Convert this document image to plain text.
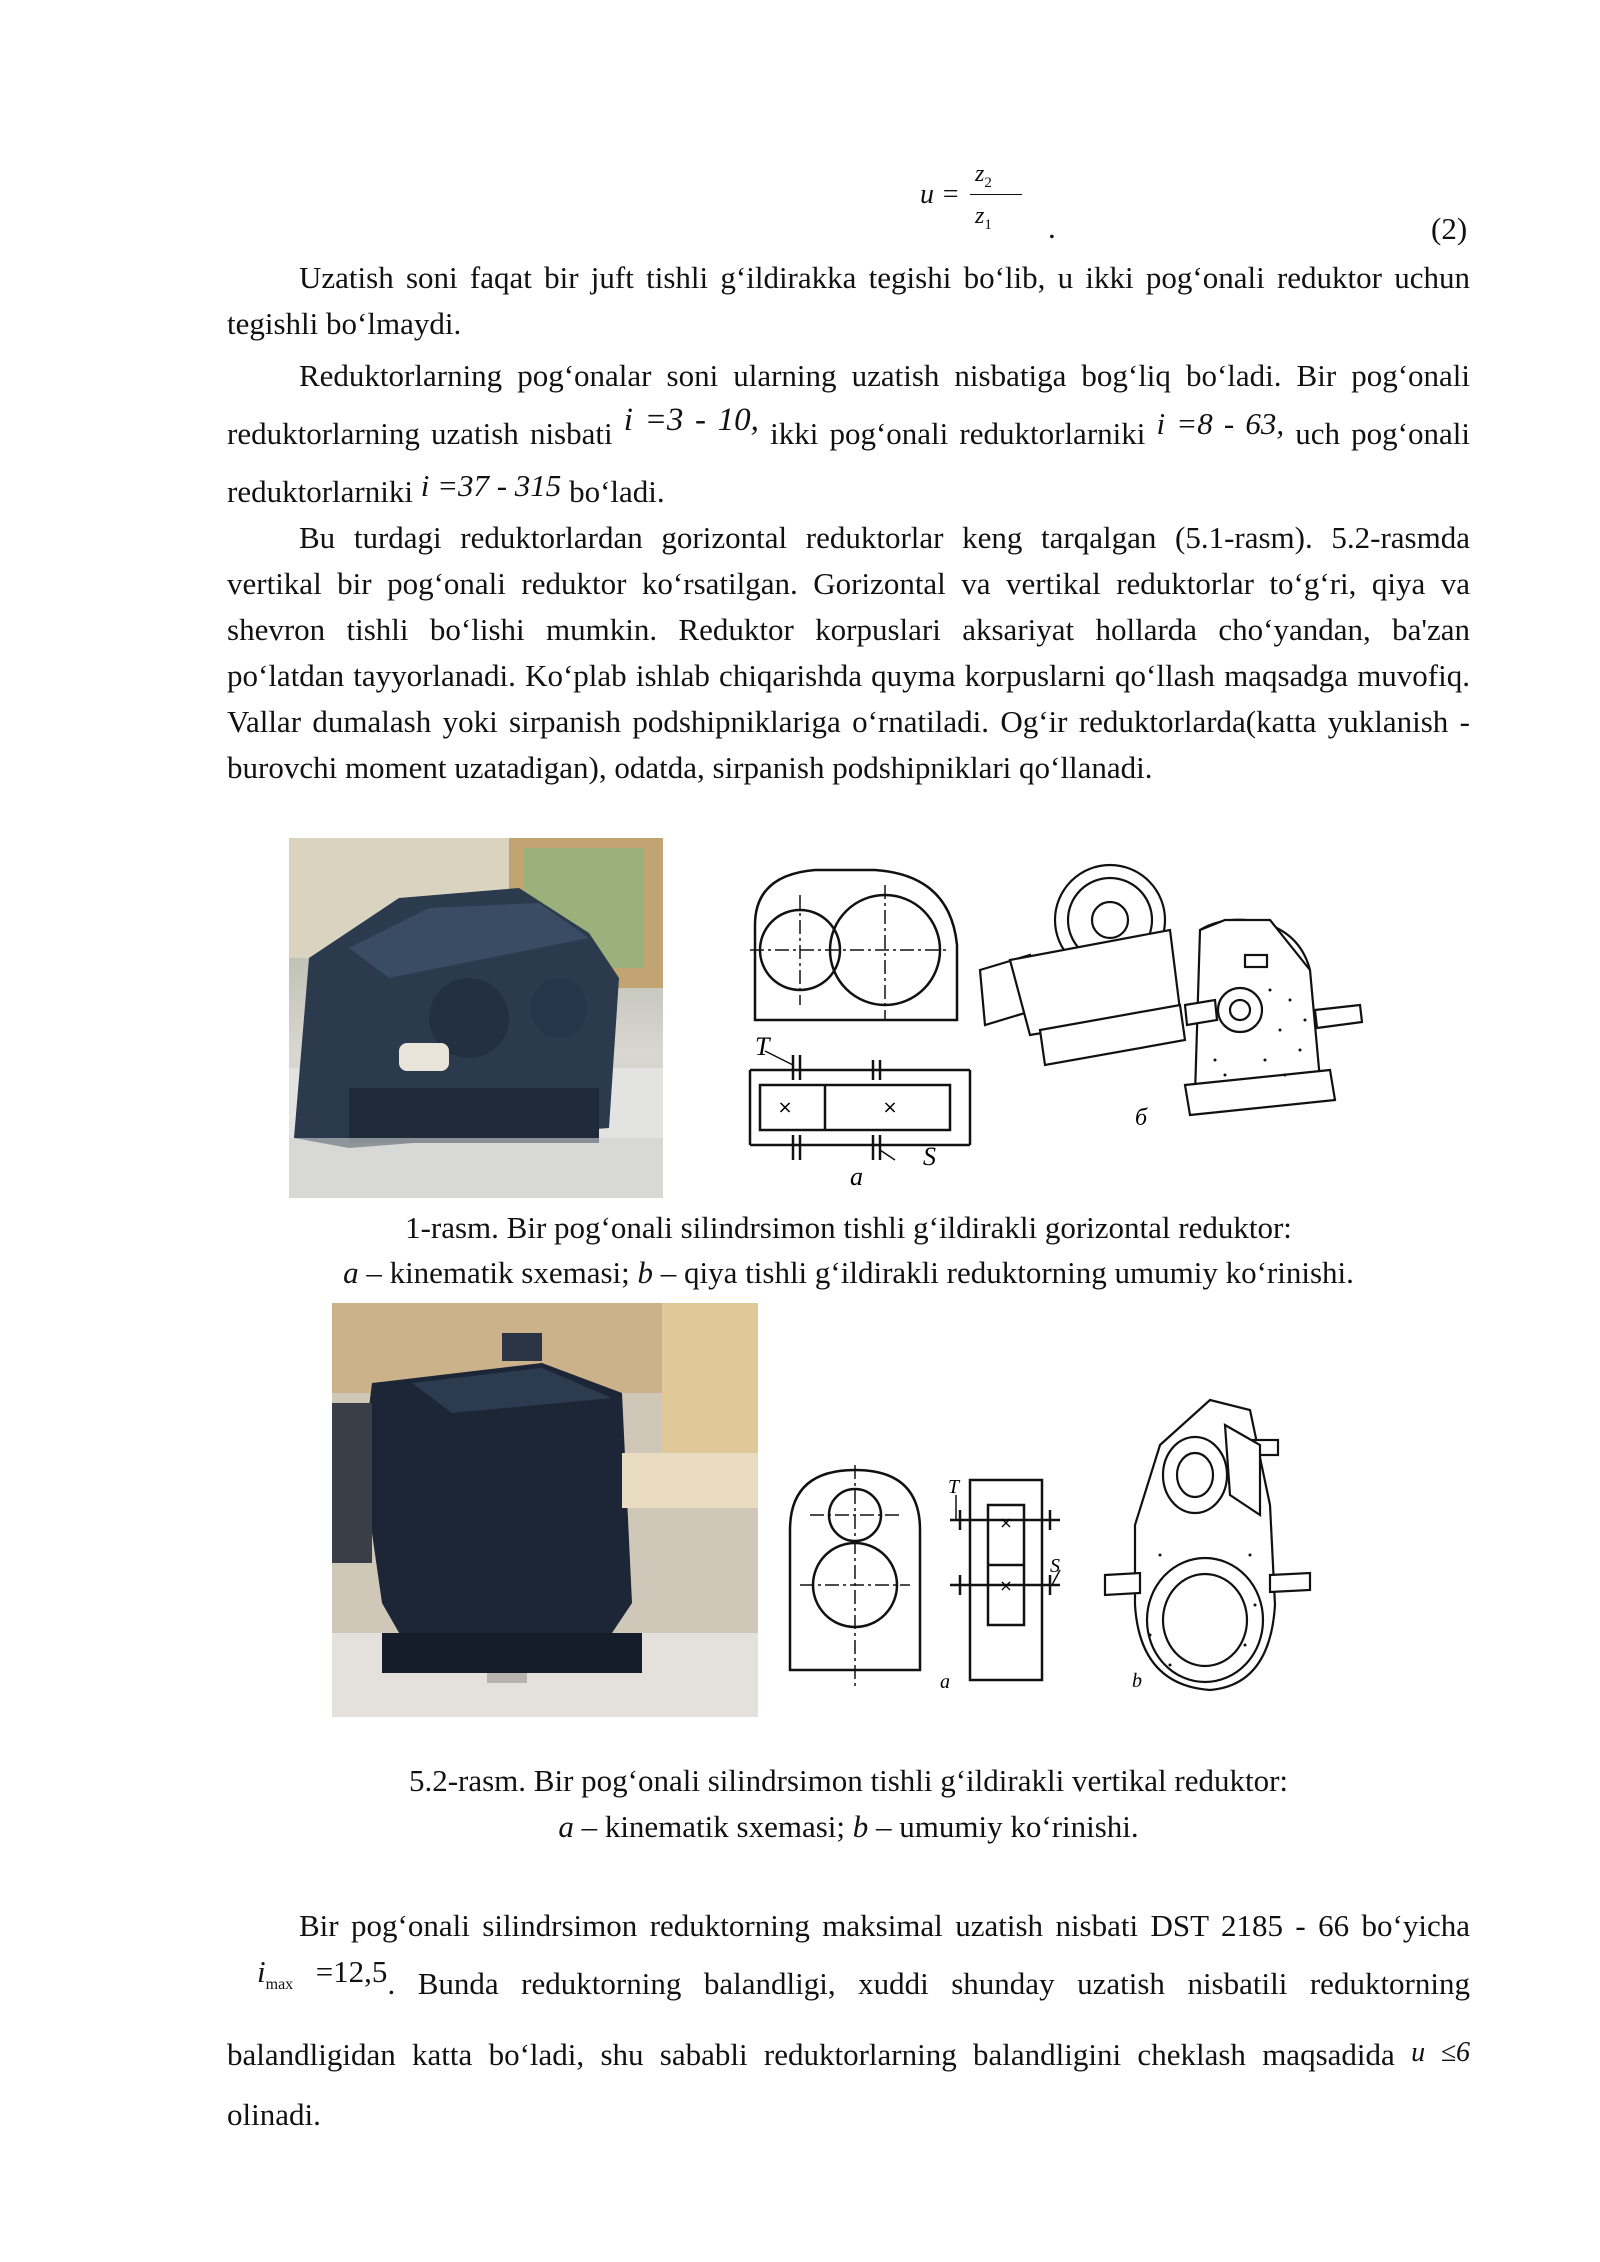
u =
$z_2$
$z_1$ .	(2)

Uzatish soni faqat bir juft tishli g‘ildirakka tegishi bo‘lib, u ikki pog‘onali reduktor uchun tegishli bo‘lmaydi.

Reduktorlarning pog‘onalar soni ularning uzatish nisbatiga bog‘liq bo‘ladi. Bir pog‘onali reduktorlarning uzatish nisbati i =3 - 10, ikki pog‘onali reduktorlarniki i =8 - 63, uch pog‘onali reduktorlarniki i =37 - 315 bo‘ladi.

Bu turdagi reduktorlardan gorizontal reduktorlar keng tarqalgan (5.1-rasm). 5.2-rasmda vertikal bir pog‘onali reduktor ko‘rsatilgan. Gorizontal va vertikal reduktorlar to‘g‘ri, qiya va shevron tishli bo‘lishi mumkin. Reduktor korpuslari aksariyat hollarda cho‘yandan, ba'zan po‘latdan tayyorlanadi. Ko‘plab ishlab chiqarishda quyma korpuslarni qo‘llash maqsadga muvofiq. Vallar dumalash yoki sirpanish podshipniklariga o‘rnatiladi. Og‘ir reduktorlarda(katta yuklanish - burovchi moment uzatadigan), odatda, sirpanish podshipniklari qo‘llanadi.

×	×
T
S
a
б
1-rasm. Bir pog‘onali silindrsimon tishli g‘ildirakli gorizontal reduktor:
a – kinematik sxemasi; b – qiya tishli g‘ildirakli reduktorning umumiy ko‘rinishi.
×
×
T
S
a	b
5.2-rasm. Bir pog‘onali silindrsimon tishli g‘ildirakli vertikal reduktor:
a – kinematik sxemasi; b – umumiy ko‘rinishi.

Bir pog‘onali silindrsimon reduktorning maksimal uzatish nisbati DST 2185 - 66 bo‘yicha $i_{max} =12,5$. Bunda reduktorning balandligi, xuddi shunday uzatish nisbatili reduktorning balandligidan katta bo‘ladi, shu sababli reduktorlarning balandligini cheklash maqsadida u ≤6 olinadi.
